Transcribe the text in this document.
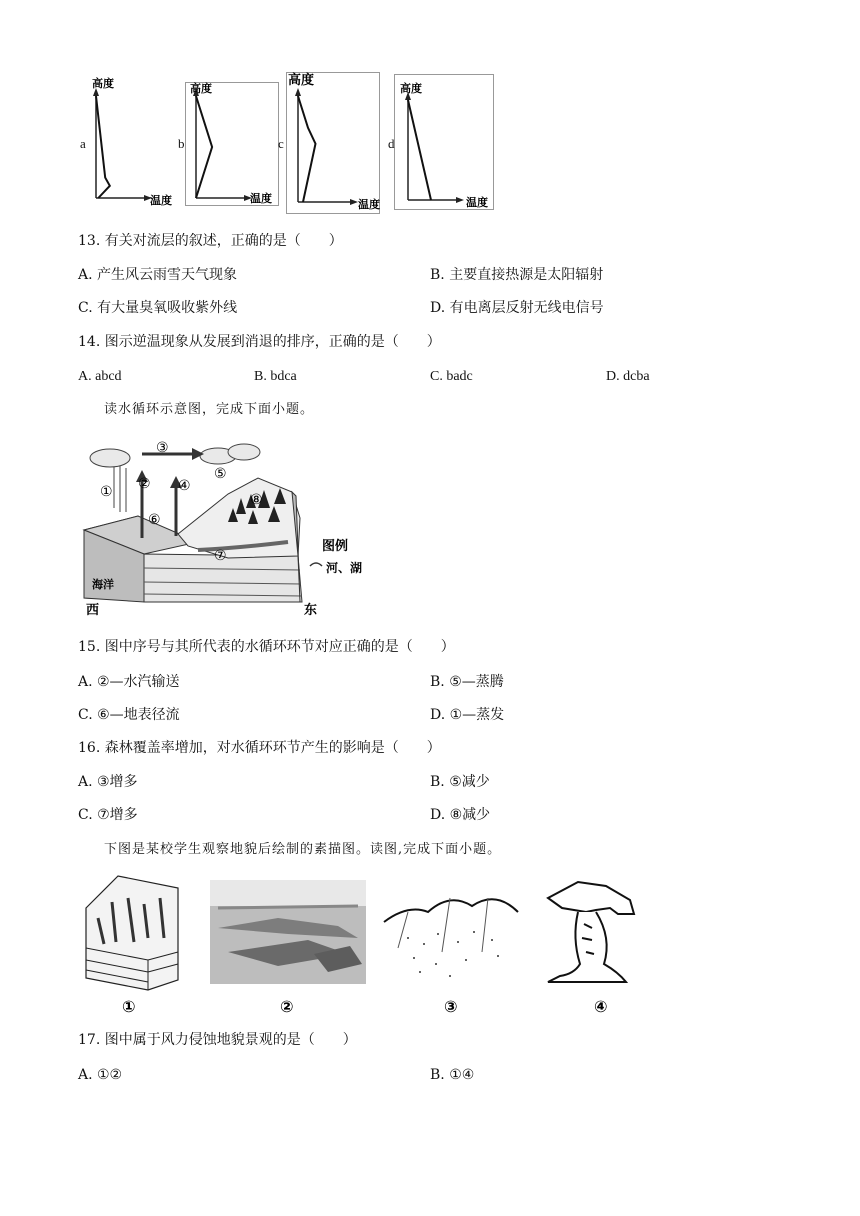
a
高度
温度
b
高度
温度
c
高度
温度
d
高度
温度
13. 有关对流层的叙述，正确的是（　　）
A. 产生风云雨雪天气现象	B. 主要直接热源是太阳辐射
C. 有大量臭氧吸收紫外线	D. 有电离层反射无线电信号
14. 图示逆温现象从发展到消退的排序，正确的是（　　）
A. abcd	B. bdca	C. badc	D. dcba
读水循环示意图，完成下面小题。
① ②
③
④
⑤
⑥
⑦
⑧
海洋
西	东
图例
河、湖
15. 图中序号与其所代表的水循环环节对应正确的是（　　）
A. ②—水汽输送	B. ⑤—蒸腾
C. ⑥—地表径流	D. ①—蒸发
16. 森林覆盖率增加，对水循环环节产生的影响是（　　）
A. ③增多	B. ⑤减少
C. ⑦增多	D. ⑧减少
下图是某校学生观察地貌后绘制的素描图。读图,完成下面小题。
①	②	③	④
17. 图中属于风力侵蚀地貌景观的是（　　）
A. ①②	B. ①④
